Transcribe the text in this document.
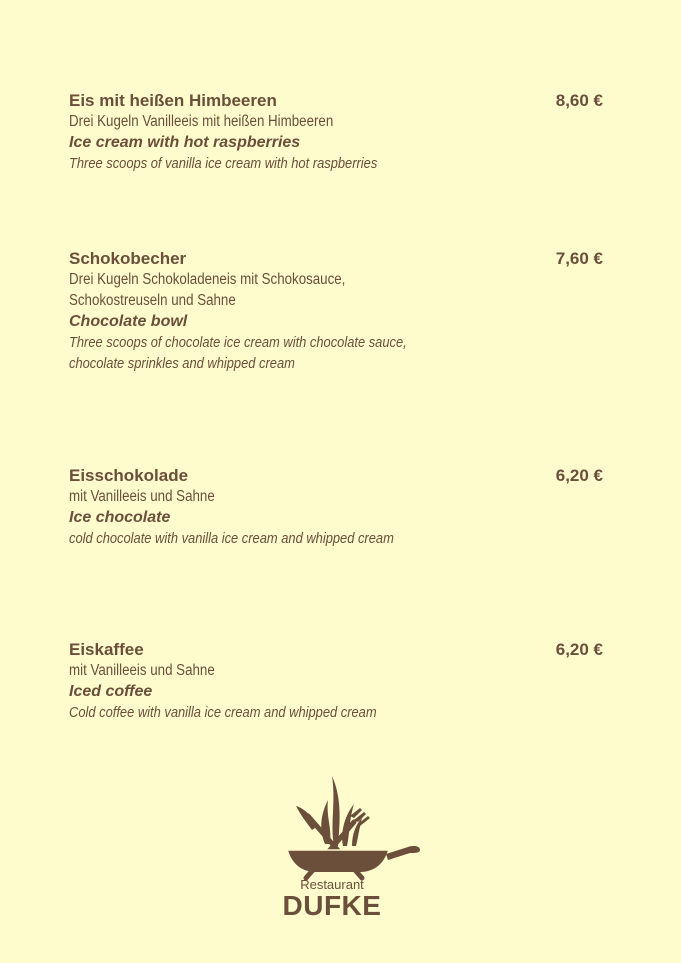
Eis mit heißen Himbeeren	8,60 €
Drei Kugeln Vanilleeis mit heißen Himbeeren
Ice cream with hot raspberries
Three scoops of vanilla ice cream with hot raspberries
Schokobecher	7,60 €
Drei Kugeln Schokoladeneis mit Schokosauce,
Schokostreuseln und Sahne
Chocolate bowl
Three scoops of chocolate ice cream with chocolate sauce,
chocolate sprinkles and whipped cream
Eisschokolade	6,20 €
mit Vanilleeis und Sahne
Ice chocolate
cold chocolate with vanilla ice cream and whipped cream
Eiskaffee	6,20 €
mit Vanilleeis und Sahne
Iced coffee
Cold coffee with vanilla ice cream and whipped cream
Restaurant
DUFKE
